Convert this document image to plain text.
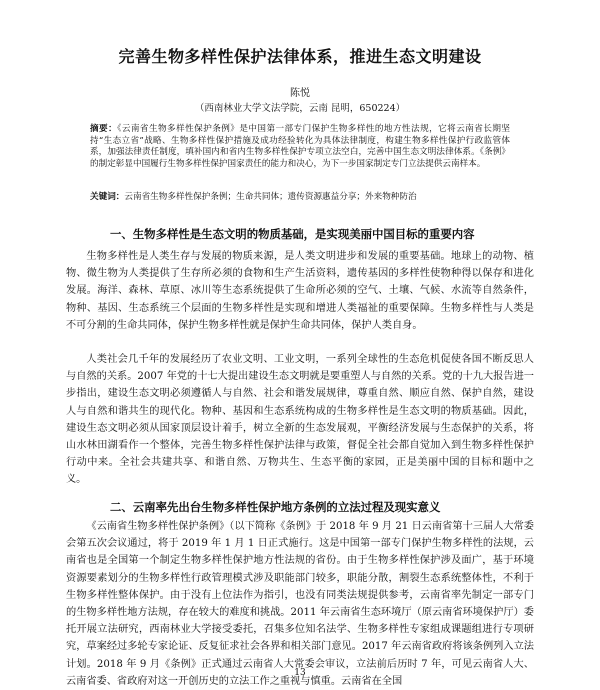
完善生物多样性保护法律体系，推进生态文明建设
陈悦
（西南林业大学文法学院，云南 昆明，650224）
摘要：《云南省生物多样性保护条例》是中国第一部专门保护生物多样性的地方性法规，它将云南省长期坚持“生态立省”战略、生物多样性保护措施及成功经验转化为具体法律制度，构建生物多样性保护行政监管体系，加强法律责任制度，填补国内和省内生物多样性保护专项立法空白，完善中国生态文明法律体系。《条例》的制定彰显中国履行生物多样性保护国家责任的能力和决心，为下一步国家制定专门立法提供云南样本。
关键词：云南省生物多样性保护条例；生命共同体；遗传资源惠益分享；外来物种防治
一、生物多样性是生态文明的物质基础，是实现美丽中国目标的重要内容
生物多样性是人类生存与发展的物质来源，是人类文明进步和发展的重要基础。地球上的动物、植物、微生物为人类提供了生存所必须的食物和生产生活资料，遗传基因的多样性使物种得以保存和进化发展。海洋、森林、草原、冰川等生态系统提供了生命所必须的空气、土壤、气候、水流等自然条件，物种、基因、生态系统三个层面的生物多样性是实现和增进人类福祉的重要保障。生物多样性与人类是不可分割的生命共同体，保护生物多样性就是保护生命共同体，保护人类自身。
人类社会几千年的发展经历了农业文明、工业文明，一系列全球性的生态危机促使各国不断反思人与自然的关系。2007 年党的十七大提出建设生态文明就是要重塑人与自然的关系。党的十九大报告进一步指出，建设生态文明必须遵循人与自然、社会和谐发展规律，尊重自然、顺应自然、保护自然，建设人与自然和谐共生的现代化。物种、基因和生态系统构成的生物多样性是生态文明的物质基础。因此，建设生态文明必须从国家顶层设计着手，树立全新的生态发展观，平衡经济发展与生态保护的关系，将山水林田湖看作一个整体，完善生物多样性保护法律与政策，督促全社会都自觉加入到生物多样性保护行动中来。全社会共建共享、和谐自然、万物共生、生态平衡的家园，正是美丽中国的目标和题中之义。
二、云南率先出台生物多样性保护地方条例的立法过程及现实意义
《云南省生物多样性保护条例》（以下简称《条例》于 2018 年 9 月 21 日云南省第十三届人大常委会第五次会议通过，将于 2019 年 1 月 1 日正式施行。这是中国第一部专门保护生物多样性的法规，云南省也是全国第一个制定生物多样性保护地方性法规的省份。由于生物多样性保护涉及面广，基于环境资源要素划分的生物多样性行政管理模式涉及职能部门较多，职能分散，割裂生态系统整体性，不利于生物多样性整体保护。由于没有上位法作为指引，也没有同类法规提供参考，云南省率先制定一部专门的生物多样性地方法规，存在较大的难度和挑战。2011 年云南省生态环境厅（原云南省环境保护厅）委托开展立法研究，西南林业大学接受委托，召集多位知名法学、生物多样性专家组成课题组进行专项研究，草案经过多轮专家论证、反复征求社会各界和相关部门意见。2017 年云南省政府将该条例列入立法计划。2018 年 9 月《条例》正式通过云南省人大常委会审议，立法前后历时 7 年，可见云南省人大、云南省委、省政府对这一开创历史的立法工作之重视与慎重。云南省在全国
13
